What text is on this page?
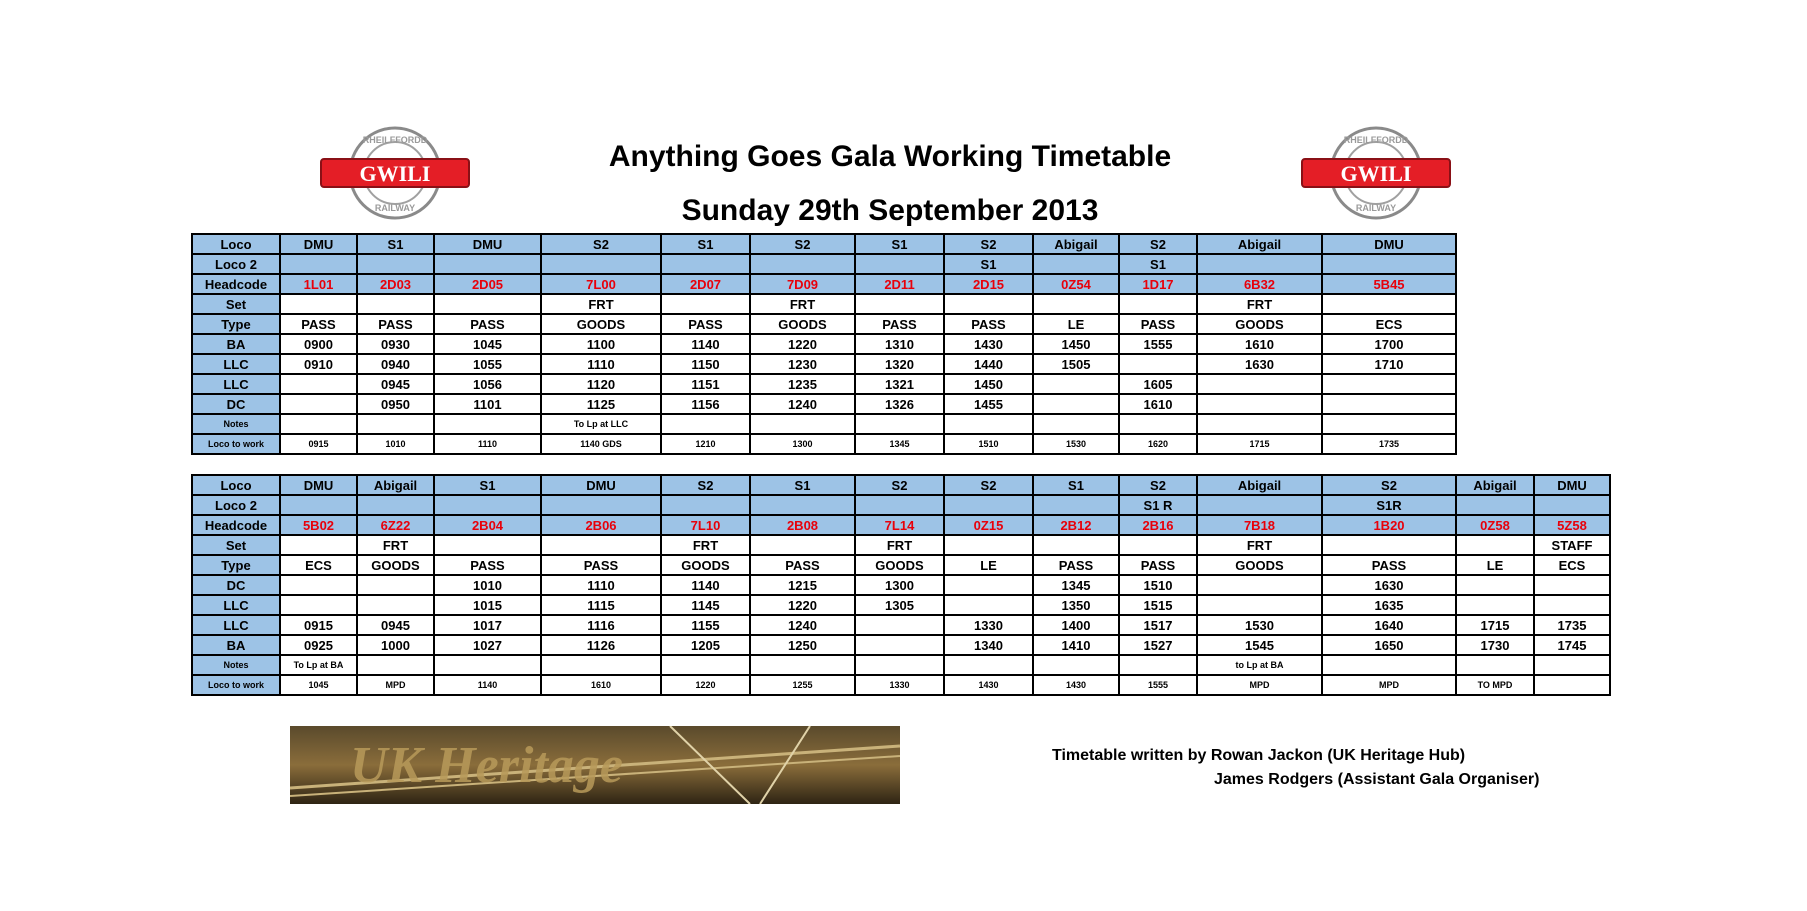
RHEILFFORDD
RAILWAY
GWILI
RHEILFFORDD
RAILWAY
GWILI
Anything Goes Gala Working Timetable
Sunday 29th September 2013
Loco	DMU	S1	DMU	S2	S1	S2	S1	S2	Abigail	S2	Abigail	DMU		
Loco 2								S1		S1				
Headcode	1L01	2D03	2D05	7L00	2D07	7D09	2D11	2D15	0Z54	1D17	6B32	5B45		
Set				FRT		FRT					FRT			
Type	PASS	PASS	PASS	GOODS	PASS	GOODS	PASS	PASS	LE	PASS	GOODS	ECS		
BA	0900	0930	1045	1100	1140	1220	1310	1430	1450	1555	1610	1700		
LLC	0910	0940	1055	1110	1150	1230	1320	1440	1505		1630	1710		
LLC		0945	1056	1120	1151	1235	1321	1450		1605				
DC		0950	1101	1125	1156	1240	1326	1455		1610				
Notes				To Lp at LLC										
Loco to work	0915	1010	1110	1140 GDS	1210	1300	1345	1510	1530	1620	1715	1735		
Loco	DMU	Abigail	S1	DMU	S2	S1	S2	S2	S1	S2	Abigail	S2	Abigail	DMU
Loco 2										S1 R		S1R		
Headcode	5B02	6Z22	2B04	2B06	7L10	2B08	7L14	0Z15	2B12	2B16	7B18	1B20	0Z58	5Z58
Set		FRT			FRT		FRT				FRT			STAFF
Type	ECS	GOODS	PASS	PASS	GOODS	PASS	GOODS	LE	PASS	PASS	GOODS	PASS	LE	ECS
DC			1010	1110	1140	1215	1300		1345	1510		1630		
LLC			1015	1115	1145	1220	1305		1350	1515		1635		
LLC	0915	0945	1017	1116	1155	1240		1330	1400	1517	1530	1640	1715	1735
BA	0925	1000	1027	1126	1205	1250		1340	1410	1527	1545	1650	1730	1745
Notes	To Lp at BA										to Lp at BA			
Loco to work	1045	MPD	1140	1610	1220	1255	1330	1430	1430	1555	MPD	MPD	TO MPD	
UK Heritage	Timetable written by Rowan Jackon (UK Heritage Hub)
James Rodgers (Assistant Gala Organiser)
